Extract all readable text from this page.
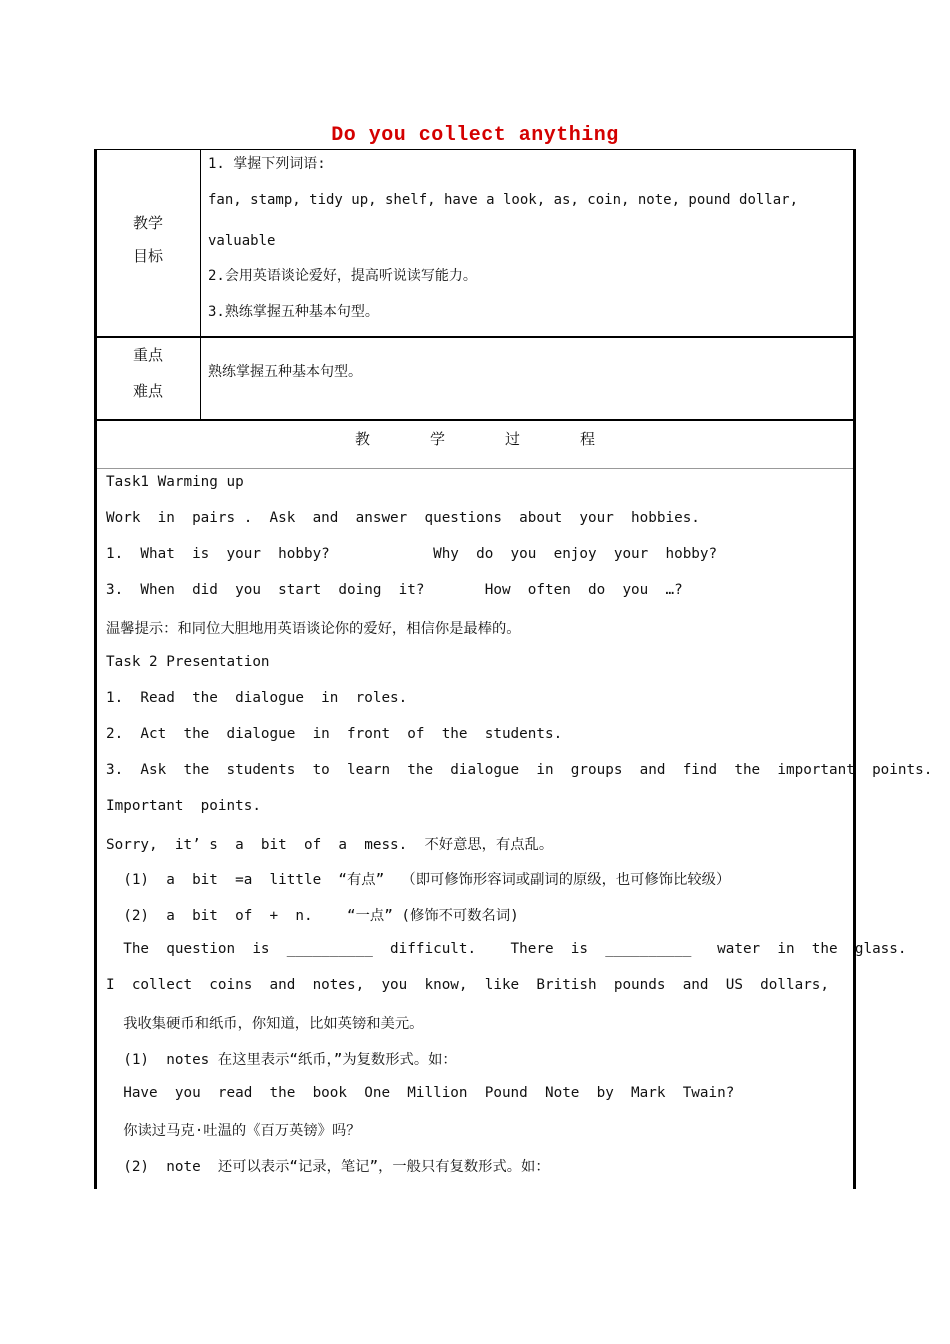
Do you collect anything
教学
目标
1. 掌握下列词语:
fan, stamp, tidy up, shelf, have a look, as, coin, note, pound dollar,
valuable
2.会用英语谈论爱好，提高听说读写能力。
3.熟练掌握五种基本句型。
重点
难点
熟练掌握五种基本句型。
教	学	过	程
Task1 Warming up
Work  in  pairs .  Ask  and  answer  questions  about  your  hobbies.
1.  What  is  your  hobby?            Why  do  you  enjoy  your  hobby?
3.  When  did  you  start  doing  it?       How  often  do  you  …?
温馨提示：和同位大胆地用英语谈论你的爱好，相信你是最棒的。
Task 2 Presentation
1.  Read  the  dialogue  in  roles.
2.  Act  the  dialogue  in  front  of  the  students.
3.  Ask  the  students  to  learn  the  dialogue  in  groups  and  find  the  important  points.
Important  points.
Sorry,  it’ s  a  bit  of  a  mess.  不好意思，有点乱。
(1)  a  bit  =a  little  “有点”  （即可修饰形容词或副词的原级，也可修饰比较级）
(2)  a  bit  of  +  n.    “一点” (修饰不可数名词)
The  question  is  __________  difficult.    There  is  __________   water  in  the  glass.
I  collect  coins  and  notes,  you  know,  like  British  pounds  and  US  dollars,
我收集硬币和纸币，你知道，比如英镑和美元。
(1)  notes 在这里表示“纸币，”为复数形式。如：
Have  you  read  the  book  One  Million  Pound  Note  by  Mark  Twain?
你读过马克·吐温的《百万英镑》吗？
(2)  note  还可以表示“记录，笔记”，一般只有复数形式。如：
